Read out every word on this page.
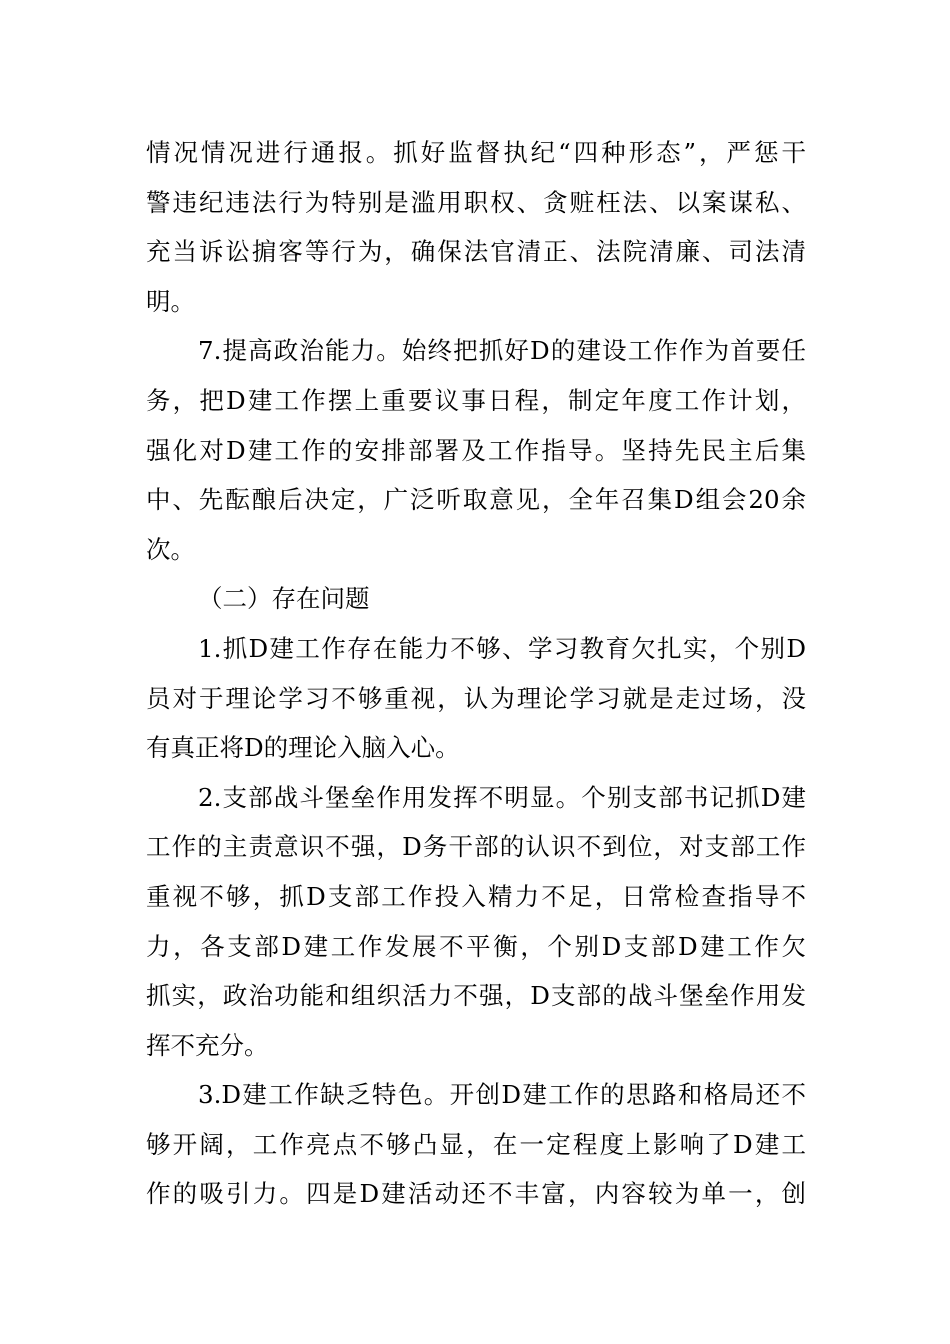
情况情况进行通报。抓好监督执纪“四种形态”，严惩干
警违纪违法行为特别是滥用职权、贪赃枉法、以案谋私、
充当诉讼掮客等行为，确保法官清正、法院清廉、司法清
明。
7.提高政治能力。始终把抓好D的建设工作作为首要任
务，把D建工作摆上重要议事日程，制定年度工作计划，
强化对D建工作的安排部署及工作指导。坚持先民主后集
中、先酝酿后决定，广泛听取意见，全年召集D组会20余
次。
（二）存在问题
1.抓D建工作存在能力不够、学习教育欠扎实，个别D
员对于理论学习不够重视，认为理论学习就是走过场，没
有真正将D的理论入脑入心。
2.支部战斗堡垒作用发挥不明显。个别支部书记抓D建
工作的主责意识不强，D务干部的认识不到位，对支部工作
重视不够，抓D支部工作投入精力不足，日常检查指导不
力，各支部D建工作发展不平衡，个别D支部D建工作欠
抓实，政治功能和组织活力不强，D支部的战斗堡垒作用发
挥不充分。
3.D建工作缺乏特色。开创D建工作的思路和格局还不
够开阔，工作亮点不够凸显，在一定程度上影响了D建工
作的吸引力。四是D建活动还不丰富，内容较为单一，创
